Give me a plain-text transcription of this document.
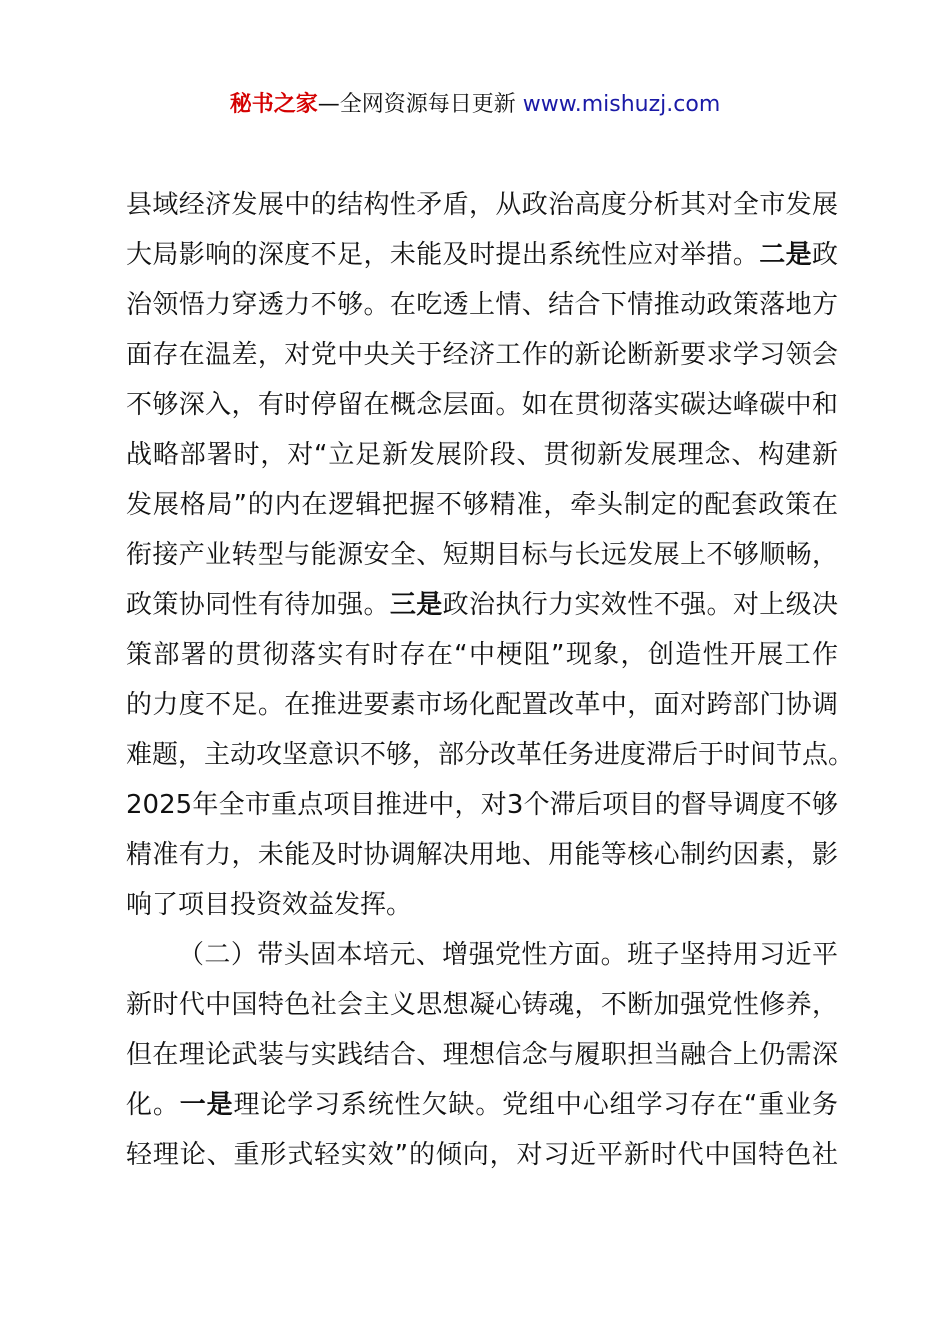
秘书之家—全网资源每日更新 www.mishuzj.com
县域经济发展中的结构性矛盾，从政治高度分析其对全市发展
大局影响的深度不足，未能及时提出系统性应对举措。二是政
治领悟力穿透力不够。在吃透上情、结合下情推动政策落地方
面存在温差，对党中央关于经济工作的新论断新要求学习领会
不够深入，有时停留在概念层面。如在贯彻落实碳达峰碳中和
战略部署时，对“立足新发展阶段、贯彻新发展理念、构建新
发展格局”的内在逻辑把握不够精准，牵头制定的配套政策在
衔接产业转型与能源安全、短期目标与长远发展上不够顺畅，
政策协同性有待加强。三是政治执行力实效性不强。对上级决
策部署的贯彻落实有时存在“中梗阻”现象，创造性开展工作
的力度不足。在推进要素市场化配置改革中，面对跨部门协调
难题，主动攻坚意识不够，部分改革任务进度滞后于时间节点。
2025年全市重点项目推进中，对3个滞后项目的督导调度不够
精准有力，未能及时协调解决用地、用能等核心制约因素，影
响了项目投资效益发挥。
（二）带头固本培元、增强党性方面。班子坚持用习近平
新时代中国特色社会主义思想凝心铸魂，不断加强党性修养，
但在理论武装与实践结合、理想信念与履职担当融合上仍需深
化。一是理论学习系统性欠缺。党组中心组学习存在“重业务
轻理论、重形式轻实效”的倾向，对习近平新时代中国特色社
